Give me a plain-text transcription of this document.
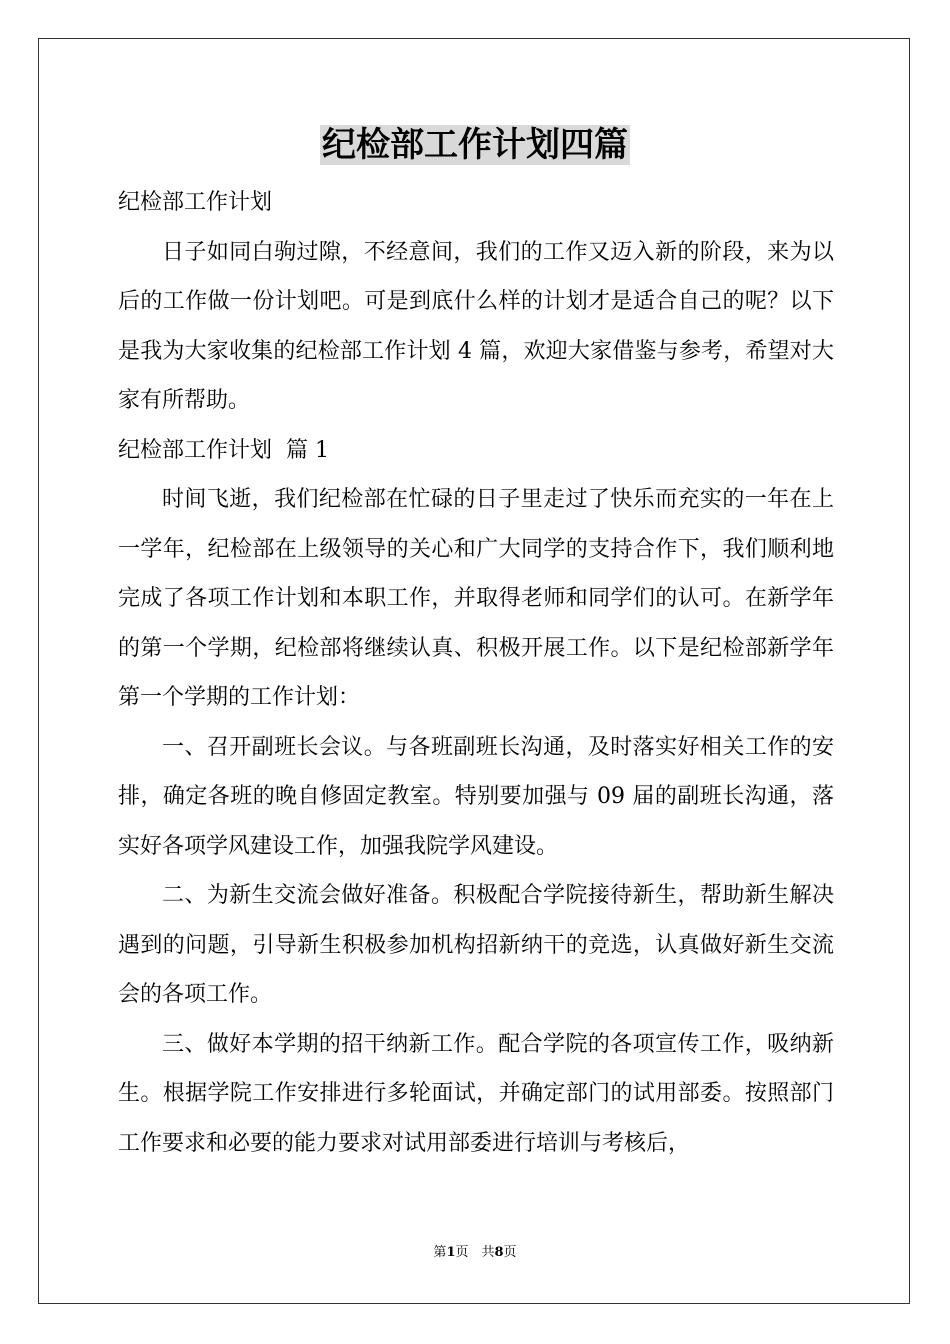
纪检部工作计划四篇

纪检部工作计划

日子如同白驹过隙，不经意间，我们的工作又迈入新的阶段，来为以后的工作做一份计划吧。可是到底什么样的计划才是适合自己的呢？以下是我为大家收集的纪检部工作计划 4 篇，欢迎大家借鉴与参考，希望对大家有所帮助。

纪检部工作计划  篇 1

时间飞逝，我们纪检部在忙碌的日子里走过了快乐而充实的一年在上一学年，纪检部在上级领导的关心和广大同学的支持合作下，我们顺利地完成了各项工作计划和本职工作，并取得老师和同学们的认可。在新学年的第一个学期，纪检部将继续认真、积极开展工作。以下是纪检部新学年第一个学期的工作计划：

一、召开副班长会议。与各班副班长沟通，及时落实好相关工作的安排，确定各班的晚自修固定教室。特别要加强与 09 届的副班长沟通，落实好各项学风建设工作，加强我院学风建设。

二、为新生交流会做好准备。积极配合学院接待新生，帮助新生解决遇到的问题，引导新生积极参加机构招新纳干的竞选，认真做好新生交流会的各项工作。

三、做好本学期的招干纳新工作。配合学院的各项宣传工作，吸纳新生。根据学院工作安排进行多轮面试，并确定部门的试用部委。按照部门工作要求和必要的能力要求对试用部委进行培训与考核后，

第1页　共8页
